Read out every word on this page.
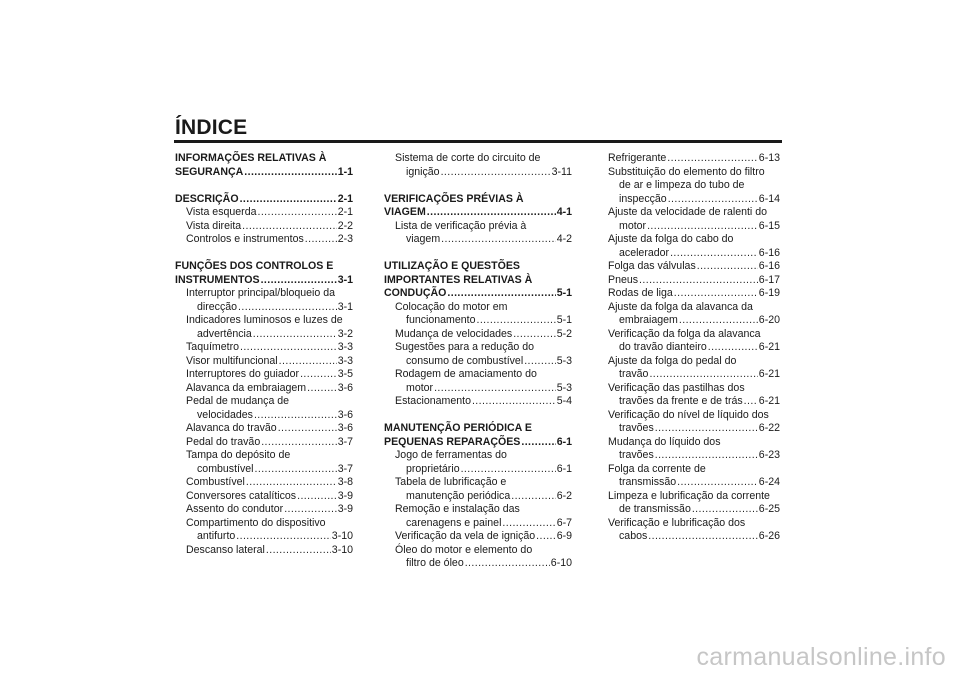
ÍNDICE
INFORMAÇÕES RELATIVAS À
SEGURANÇA .....	1-1
DESCRIÇÃO .....	2-1
Vista esquerda .....	2-1
Vista direita .....	2-2
Controlos e instrumentos .....	2-3
FUNÇÕES DOS CONTROLOS E
INSTRUMENTOS .....	3-1
Interruptor principal/bloqueio da
direcção .....	3-1
Indicadores luminosos e luzes de
advertência .....	3-2
Taquímetro .....	3-3
Visor multifuncional .....	3-3
Interruptores do guiador .....	3-5
Alavanca da embraiagem .....	3-6
Pedal de mudança de
velocidades .....	3-6
Alavanca do travão .....	3-6
Pedal do travão .....	3-7
Tampa do depósito de
combustível .....	3-7
Combustível .....	3-8
Conversores catalíticos .....	3-9
Assento do condutor .....	3-9
Compartimento do dispositivo
antifurto .....	3-10
Descanso lateral .....	3-10
Sistema de corte do circuito de
ignição .....	3-11
VERIFICAÇÕES PRÉVIAS À
VIAGEM .....	4-1
Lista de verificação prévia à
viagem .....	4-2
UTILIZAÇÃO E QUESTÕES
IMPORTANTES RELATIVAS À
CONDUÇÃO .....	5-1
Colocação do motor em
funcionamento .....	5-1
Mudança de velocidades .....	5-2
Sugestões para a redução do
consumo de combustível .....	5-3
Rodagem de amaciamento do
motor .....	5-3
Estacionamento .....	5-4
MANUTENÇÃO PERIÓDICA E
PEQUENAS REPARAÇÕES .....	6-1
Jogo de ferramentas do
proprietário .....	6-1
Tabela de lubrificação e
manutenção periódica .....	6-2
Remoção e instalação das
carenagens e painel .....	6-7
Verificação da vela de ignição ..... 6-9
Óleo do motor e elemento do
filtro de óleo .....	6-10
Refrigerante .....	6-13
Substituição do elemento do filtro
de ar e limpeza do tubo de
inspecção .....	6-14
Ajuste da velocidade de ralenti do
motor .....	6-15
Ajuste da folga do cabo do
acelerador .....	6-16
Folga das válvulas .....	6-16
Pneus .....	6-17
Rodas de liga .....	6-19
Ajuste da folga da alavanca da
embraiagem .....	6-20
Verificação da folga da alavanca
do travão dianteiro .....	6-21
Ajuste da folga do pedal do
travão .....	6-21
Verificação das pastilhas dos
travões da frente e de trás ..... 6-21
Verificação do nível de líquido dos
travões .....	6-22
Mudança do líquido dos
travões .....	6-23
Folga da corrente de
transmissão .....	6-24
Limpeza e lubrificação da corrente
de transmissão .....	6-25
Verificação e lubrificação dos
cabos .....	6-26
carmanualsonline.info
